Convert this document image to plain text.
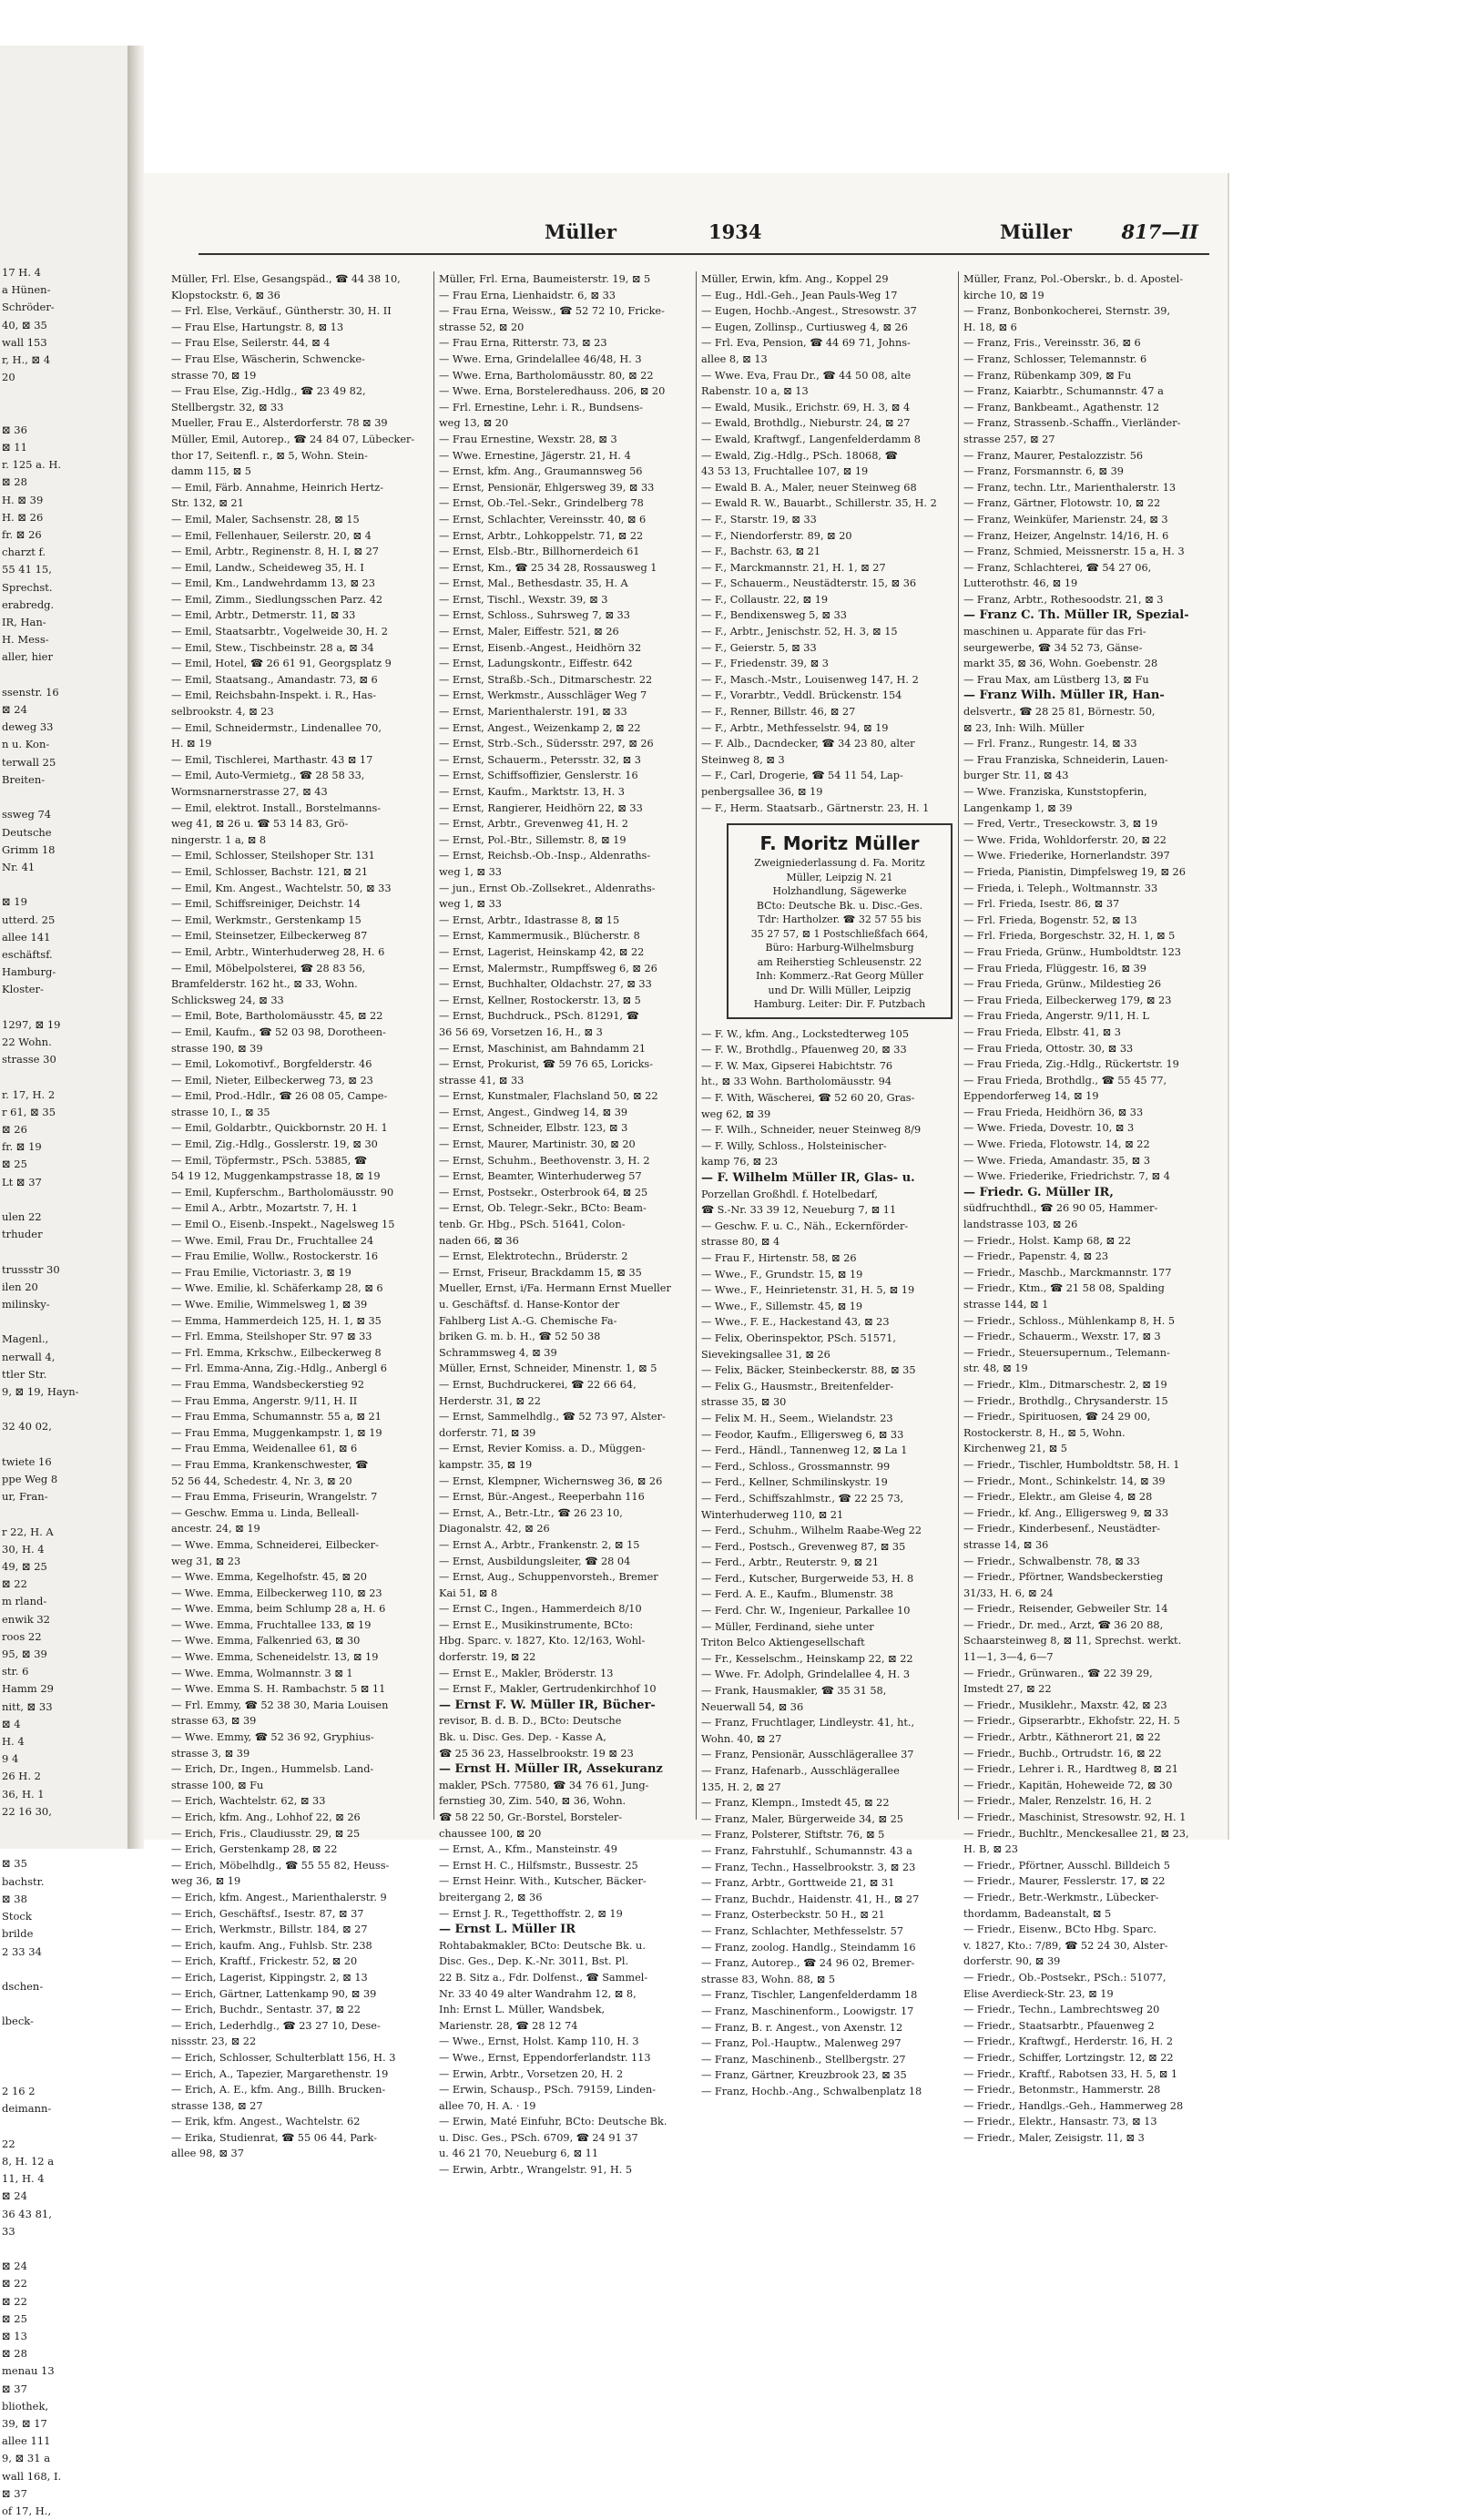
17 H. 4
a Hünen-
Schröder-
40, ⊠ 35
wall 153
r, H., ⊠ 4
20

⊠ 36
⊠ 11
r. 125 a. H.
⊠ 28
H. ⊠ 39
H. ⊠ 26
fr. ⊠ 26
charzt f.
55 41 15,
Sprechst.
erabredg.
IR, Han-
H. Mess-
aller, hier

ssenstr. 16
⊠ 24
deweg 33
n u. Kon-
terwall 25
Breiten-

ssweg 74
Deutsche
Grimm 18
Nr. 41

⊠ 19
utterd. 25
allee 141
eschäftsf.
Hamburg-
Kloster-

1297, ⊠ 19
22 Wohn.
strasse 30

r. 17, H. 2
r 61, ⊠ 35
⊠ 26
fr. ⊠ 19
⊠ 25
Lt ⊠ 37

ulen 22
trhuder

trussstr 30
ilen 20
milinsky-

Magenl.,
nerwall 4,
ttler Str.
9, ⊠ 19, Hayn-

32 40 02,

twiete 16
ppe Weg 8
ur, Fran-

r 22, H. A
30, H. 4
49, ⊠ 25
⊠ 22
m rland-
enwik 32
roos 22
95, ⊠ 39
str. 6
Hamm 29
nitt, ⊠ 33
⊠ 4
H. 4
9 4
26 H. 2
36, H. 1
22 16 30,

⊠ 35
bachstr.
⊠ 38
Stock
brilde
2 33 34

dschen-

lbeck-

2 16 2
deimann-

22
8, H. 12 a
11, H. 4
⊠ 24
36 43 81,
33

⊠ 24
⊠ 22
⊠ 22
⊠ 25
⊠ 13
⊠ 28
menau 13
⊠ 37
bliothek,
39, ⊠ 17
allee 111
9, ⊠ 31 a
wall 168, I.
⊠ 37
of 17, H.,
Müller	1934	Müller	817—II
Müller, Frl. Else, Gesangspäd., ☎ 44 38 10,
Klopstockstr. 6, ⊠ 36
— Frl. Else, Verkäuf., Güntherstr. 30, H. II
— Frau Else, Hartungstr. 8, ⊠ 13
— Frau Else, Seilerstr. 44, ⊠ 4
— Frau Else, Wäscherin, Schwencke-
strasse 70, ⊠ 19
— Frau Else, Zig.-Hdlg., ☎ 23 49 82,
Stellbergstr. 32, ⊠ 33
Mueller, Frau E., Alsterdorferstr. 78 ⊠ 39
Müller, Emil, Autorep., ☎ 24 84 07, Lübecker-
thor 17, Seitenfl. r., ⊠ 5, Wohn. Stein-
damm 115, ⊠ 5
— Emil, Färb. Annahme, Heinrich Hertz-
Str. 132, ⊠ 21
— Emil, Maler, Sachsenstr. 28, ⊠ 15
— Emil, Fellenhauer, Seilerstr. 20, ⊠ 4
— Emil, Arbtr., Reginenstr. 8, H. I, ⊠ 27
— Emil, Landw., Scheideweg 35, H. I
— Emil, Km., Landwehrdamm 13, ⊠ 23
— Emil, Zimm., Siedlungsschen Parz. 42
— Emil, Arbtr., Detmerstr. 11, ⊠ 33
— Emil, Staatsarbtr., Vogelweide 30, H. 2
— Emil, Stew., Tischbeinstr. 28 a, ⊠ 34
— Emil, Hotel, ☎ 26 61 91, Georgsplatz 9
— Emil, Staatsang., Amandastr. 73, ⊠ 6
— Emil, Reichsbahn-Inspekt. i. R., Has-
selbrookstr. 4, ⊠ 23
— Emil, Schneidermstr., Lindenallee 70,
H. ⊠ 19
— Emil, Tischlerei, Marthastr. 43 ⊠ 17
— Emil, Auto-Vermietg., ☎ 28 58 33,
Wormsnarnerstrasse 27, ⊠ 43
— Emil, elektrot. Install., Borstelmanns-
weg 41, ⊠ 26 u. ☎ 53 14 83, Grö-
ningerstr. 1 a, ⊠ 8
— Emil, Schlosser, Steilshoper Str. 131
— Emil, Schlosser, Bachstr. 121, ⊠ 21
— Emil, Km. Angest., Wachtelstr. 50, ⊠ 33
— Emil, Schiffsreiniger, Deichstr. 14
— Emil, Werkmstr., Gerstenkamp 15
— Emil, Steinsetzer, Eilbeckerweg 87
— Emil, Arbtr., Winterhuderweg 28, H. 6
— Emil, Möbelpolsterei, ☎ 28 83 56,
Bramfelderstr. 162 ht., ⊠ 33, Wohn.
Schlicksweg 24, ⊠ 33
— Emil, Bote, Bartholomäusstr. 45, ⊠ 22
— Emil, Kaufm., ☎ 52 03 98, Dorotheen-
strasse 190, ⊠ 39
— Emil, Lokomotivf., Borgfelderstr. 46
— Emil, Nieter, Eilbeckerweg 73, ⊠ 23
— Emil, Prod.-Hdlr., ☎ 26 08 05, Campe-
strasse 10, I., ⊠ 35
— Emil, Goldarbtr., Quickbornstr. 20 H. 1
— Emil, Zig.-Hdlg., Gosslerstr. 19, ⊠ 30
— Emil, Töpfermstr., PSch. 53885, ☎
54 19 12, Muggenkampstrasse 18, ⊠ 19
— Emil, Kupferschm., Bartholomäusstr. 90
— Emil A., Arbtr., Mozartstr. 7, H. 1
— Emil O., Eisenb.-Inspekt., Nagelsweg 15
— Wwe. Emil, Frau Dr., Fruchtallee 24
— Frau Emilie, Wollw., Rostockerstr. 16
— Frau Emilie, Victoriastr. 3, ⊠ 19
— Wwe. Emilie, kl. Schäferkamp 28, ⊠ 6
— Wwe. Emilie, Wimmelsweg 1, ⊠ 39
— Emma, Hammerdeich 125, H. 1, ⊠ 35
— Frl. Emma, Steilshoper Str. 97 ⊠ 33
— Frl. Emma, Krkschw., Eilbeckerweg 8
— Frl. Emma-Anna, Zig.-Hdlg., Anbergl 6
— Frau Emma, Wandsbeckerstieg 92
— Frau Emma, Angerstr. 9/11, H. II
— Frau Emma, Schumannstr. 55 a, ⊠ 21
— Frau Emma, Muggenkampstr. 1, ⊠ 19
— Frau Emma, Weidenallee 61, ⊠ 6
— Frau Emma, Krankenschwester, ☎
52 56 44, Schedestr. 4, Nr. 3, ⊠ 20
— Frau Emma, Friseurin, Wrangelstr. 7
— Geschw. Emma u. Linda, Belleall-
ancestr. 24, ⊠ 19
— Wwe. Emma, Schneiderei, Eilbecker-
weg 31, ⊠ 23
— Wwe. Emma, Kegelhofstr. 45, ⊠ 20
— Wwe. Emma, Eilbeckerweg 110, ⊠ 23
— Wwe. Emma, beim Schlump 28 a, H. 6
— Wwe. Emma, Fruchtallee 133, ⊠ 19
— Wwe. Emma, Falkenried 63, ⊠ 30
— Wwe. Emma, Scheneidelstr. 13, ⊠ 19
— Wwe. Emma, Wolmannstr. 3 ⊠ 1
— Wwe. Emma S. H. Rambachstr. 5 ⊠ 11
— Frl. Emmy, ☎ 52 38 30, Maria Louisen
strasse 63, ⊠ 39
— Wwe. Emmy, ☎ 52 36 92, Gryphius-
strasse 3, ⊠ 39
— Erich, Dr., Ingen., Hummelsb. Land-
strasse 100, ⊠ Fu
— Erich, Wachtelstr. 62, ⊠ 33
— Erich, kfm. Ang., Lohhof 22, ⊠ 26
— Erich, Fris., Claudiusstr. 29, ⊠ 25
— Erich, Gerstenkamp 28, ⊠ 22
— Erich, Möbelhdlg., ☎ 55 55 82, Heuss-
weg 36, ⊠ 19
— Erich, kfm. Angest., Marienthalerstr. 9
— Erich, Geschäftsf., Isestr. 87, ⊠ 37
— Erich, Werkmstr., Billstr. 184, ⊠ 27
— Erich, kaufm. Ang., Fuhlsb. Str. 238
— Erich, Kraftf., Frickestr. 52, ⊠ 20
— Erich, Lagerist, Kippingstr. 2, ⊠ 13
— Erich, Gärtner, Lattenkamp 90, ⊠ 39
— Erich, Buchdr., Sentastr. 37, ⊠ 22
— Erich, Lederhdlg., ☎ 23 27 10, Dese-
nissstr. 23, ⊠ 22
— Erich, Schlosser, Schulterblatt 156, H. 3
— Erich, A., Tapezier, Margarethenstr. 19
— Erich, A. E., kfm. Ang., Billh. Brucken-
strasse 138, ⊠ 27
— Erik, kfm. Angest., Wachtelstr. 62
— Erika, Studienrat, ☎ 55 06 44, Park-
allee 98, ⊠ 37
Müller, Frl. Erna, Baumeisterstr. 19, ⊠ 5
— Frau Erna, Lienhaidstr. 6, ⊠ 33
— Frau Erna, Weissw., ☎ 52 72 10, Fricke-
strasse 52, ⊠ 20
— Frau Erna, Ritterstr. 73, ⊠ 23
— Wwe. Erna, Grindelallee 46/48, H. 3
— Wwe. Erna, Bartholomäusstr. 80, ⊠ 22
— Wwe. Erna, Borsteleredhauss. 206, ⊠ 20
— Frl. Ernestine, Lehr. i. R., Bundsens-
weg 13, ⊠ 20
— Frau Ernestine, Wexstr. 28, ⊠ 3
— Wwe. Ernestine, Jägerstr. 21, H. 4
— Ernst, kfm. Ang., Graumannsweg 56
— Ernst, Pensionär, Ehlgersweg 39, ⊠ 33
— Ernst, Ob.-Tel.-Sekr., Grindelberg 78
— Ernst, Schlachter, Vereinsstr. 40, ⊠ 6
— Ernst, Arbtr., Lohkoppelstr. 71, ⊠ 22
— Ernst, Elsb.-Btr., Billhornerdeich 61
— Ernst, Km., ☎ 25 34 28, Rossausweg 1
— Ernst, Mal., Bethesdastr. 35, H. A
— Ernst, Tischl., Wexstr. 39, ⊠ 3
— Ernst, Schloss., Suhrsweg 7, ⊠ 33
— Ernst, Maler, Eiffestr. 521, ⊠ 26
— Ernst, Eisenb.-Angest., Heidhörn 32
— Ernst, Ladungskontr., Eiffestr. 642
— Ernst, Straßb.-Sch., Ditmarschestr. 22
— Ernst, Werkmstr., Ausschläger Weg 7
— Ernst, Marienthalerstr. 191, ⊠ 33
— Ernst, Angest., Weizenkamp 2, ⊠ 22
— Ernst, Strb.-Sch., Südersstr. 297, ⊠ 26
— Ernst, Schauerm., Petersstr. 32, ⊠ 3
— Ernst, Schiffsoffizier, Genslerstr. 16
— Ernst, Kaufm., Marktstr. 13, H. 3
— Ernst, Rangierer, Heidhörn 22, ⊠ 33
— Ernst, Arbtr., Grevenweg 41, H. 2
— Ernst, Pol.-Btr., Sillemstr. 8, ⊠ 19
— Ernst, Reichsb.-Ob.-Insp., Aldenraths-
weg 1, ⊠ 33
— jun., Ernst Ob.-Zollsekret., Aldenraths-
weg 1, ⊠ 33
— Ernst, Arbtr., Idastrasse 8, ⊠ 15
— Ernst, Kammermusik., Blücherstr. 8
— Ernst, Lagerist, Heinskamp 42, ⊠ 22
— Ernst, Malermstr., Rumpffsweg 6, ⊠ 26
— Ernst, Buchhalter, Oldachstr. 27, ⊠ 33
— Ernst, Kellner, Rostockerstr. 13, ⊠ 5
— Ernst, Buchdruck., PSch. 81291, ☎
36 56 69, Vorsetzen 16, H., ⊠ 3
— Ernst, Maschinist, am Bahndamm 21
— Ernst, Prokurist, ☎ 59 76 65, Loricks-
strasse 41, ⊠ 33
— Ernst, Kunstmaler, Flachsland 50, ⊠ 22
— Ernst, Angest., Gindweg 14, ⊠ 39
— Ernst, Schneider, Elbstr. 123, ⊠ 3
— Ernst, Maurer, Martinistr. 30, ⊠ 20
— Ernst, Schuhm., Beethovenstr. 3, H. 2
— Ernst, Beamter, Winterhuderweg 57
— Ernst, Postsekr., Osterbrook 64, ⊠ 25
— Ernst, Ob. Telegr.-Sekr., BCto: Beam-
tenb. Gr. Hbg., PSch. 51641, Colon-
naden 66, ⊠ 36
— Ernst, Elektrotechn., Brüderstr. 2
— Ernst, Friseur, Brackdamm 15, ⊠ 35
Mueller, Ernst, i/Fa. Hermann Ernst Mueller
u. Geschäftsf. d. Hanse-Kontor der
Fahlberg List A.-G. Chemische Fa-
briken G. m. b. H., ☎ 52 50 38
Schrammsweg 4, ⊠ 39
Müller, Ernst, Schneider, Minenstr. 1, ⊠ 5
— Ernst, Buchdruckerei, ☎ 22 66 64,
Herderstr. 31, ⊠ 22
— Ernst, Sammelhdlg., ☎ 52 73 97, Alster-
dorferstr. 71, ⊠ 39
— Ernst, Revier Komiss. a. D., Müggen-
kampstr. 35, ⊠ 19
— Ernst, Klempner, Wichernsweg 36, ⊠ 26
— Ernst, Bür.-Angest., Reeperbahn 116
— Ernst, A., Betr.-Ltr., ☎ 26 23 10,
Diagonalstr. 42, ⊠ 26
— Ernst A., Arbtr., Frankenstr. 2, ⊠ 15
— Ernst, Ausbildungsleiter, ☎ 28 04
— Ernst, Aug., Schuppenvorsteh., Bremer
Kai 51, ⊠ 8
— Ernst C., Ingen., Hammerdeich 8/10
— Ernst E., Musikinstrumente, BCto:
Hbg. Sparc. v. 1827, Kto. 12/163, Wohl-
dorferstr. 19, ⊠ 22
— Ernst E., Makler, Bröderstr. 13
— Ernst F., Makler, Gertrudenkirchhof 10
— Ernst F. W. Müller IR, Bücher-
revisor, B. d. B. D., BCto: Deutsche
Bk. u. Disc. Ges. Dep. - Kasse A,
☎ 25 36 23, Hasselbrookstr. 19 ⊠ 23
— Ernst H. Müller IR, Assekuranz
makler, PSch. 77580, ☎ 34 76 61, Jung-
fernstieg 30, Zim. 540, ⊠ 36, Wohn.
☎ 58 22 50, Gr.-Borstel, Borsteler-
chaussee 100, ⊠ 20
— Ernst, A., Kfm., Mansteinstr. 49
— Ernst H. C., Hilfsmstr., Bussestr. 25
— Ernst Heinr. With., Kutscher, Bäcker-
breitergang 2, ⊠ 36
— Ernst J. R., Tegetthoffstr. 2, ⊠ 19
— Ernst L. Müller IR
Rohtabakmakler, BCto: Deutsche Bk. u.
Disc. Ges., Dep. K.-Nr. 3011, Bst. Pl.
22 B. Sitz a., Fdr. Dolfenst., ☎ Sammel-
Nr. 33 40 49 alter Wandrahm 12, ⊠ 8,
Inh: Ernst L. Müller, Wandsbek,
Marienstr. 28, ☎ 28 12 74
— Wwe., Ernst, Holst. Kamp 110, H. 3
— Wwe., Ernst, Eppendorferlandstr. 113
— Erwin, Arbtr., Vorsetzen 20, H. 2
— Erwin, Schausp., PSch. 79159, Linden-
allee 70, H. A. · 19
— Erwin, Maté Einfuhr, BCto: Deutsche Bk.
u. Disc. Ges., PSch. 6709, ☎ 24 91 37
u. 46 21 70, Neueburg 6, ⊠ 11
— Erwin, Arbtr., Wrangelstr. 91, H. 5
Müller, Erwin, kfm. Ang., Koppel 29
— Eug., Hdl.-Geh., Jean Pauls-Weg 17
— Eugen, Hochb.-Angest., Stresowstr. 37
— Eugen, Zollinsp., Curtiusweg 4, ⊠ 26
— Frl. Eva, Pension, ☎ 44 69 71, Johns-
allee 8, ⊠ 13
— Wwe. Eva, Frau Dr., ☎ 44 50 08, alte
Rabenstr. 10 a, ⊠ 13
— Ewald, Musik., Erichstr. 69, H. 3, ⊠ 4
— Ewald, Brothdlg., Nieburstr. 24, ⊠ 27
— Ewald, Kraftwgf., Langenfelderdamm 8
— Ewald, Zig.-Hdlg., PSch. 18068, ☎
43 53 13, Fruchtallee 107, ⊠ 19
— Ewald B. A., Maler, neuer Steinweg 68
— Ewald R. W., Bauarbt., Schillerstr. 35, H. 2
— F., Starstr. 19, ⊠ 33
— F., Niendorferstr. 89, ⊠ 20
— F., Bachstr. 63, ⊠ 21
— F., Marckmannstr. 21, H. 1, ⊠ 27
— F., Schauerm., Neustädterstr. 15, ⊠ 36
— F., Collaustr. 22, ⊠ 19
— F., Bendixensweg 5, ⊠ 33
— F., Arbtr., Jenischstr. 52, H. 3, ⊠ 15
— F., Geierstr. 5, ⊠ 33
— F., Friedenstr. 39, ⊠ 3
— F., Masch.-Mstr., Louisenweg 147, H. 2
— F., Vorarbtr., Veddl. Brückenstr. 154
— F., Renner, Billstr. 46, ⊠ 27
— F., Arbtr., Methfesselstr. 94, ⊠ 19
— F. Alb., Dacndecker, ☎ 34 23 80, alter
Steinweg 8, ⊠ 3
— F., Carl, Drogerie, ☎ 54 11 54, Lap-
penbergsallee 36, ⊠ 19
— F., Herm. Staatsarb., Gärtnerstr. 23, H. 1
F. Moritz Müller
Zweigniederlassung d. Fa. Moritz
Müller, Leipzig N. 21
Holzhandlung, Sägewerke
BCto: Deutsche Bk. u. Disc.-Ges.
Tdr: Hartholzer. ☎ 32 57 55 bis
35 27 57, ⊠ 1 Postschließfach 664,
Büro: Harburg-Wilhelmsburg
am Reiherstieg Schleusenstr. 22
Inh: Kommerz.-Rat Georg Müller
und Dr. Willi Müller, Leipzig
Hamburg. Leiter: Dir. F. Putzbach
— F. W., kfm. Ang., Lockstedterweg 105
— F. W., Brothdlg., Pfauenweg 20, ⊠ 33
— F. W. Max, Gipserei Habichtstr. 76
ht., ⊠ 33 Wohn. Bartholomäusstr. 94
— F. With, Wäscherei, ☎ 52 60 20, Gras-
weg 62, ⊠ 39
— F. Wilh., Schneider, neuer Steinweg 8/9
— F. Willy, Schloss., Holsteinischer-
kamp 76, ⊠ 23
— F. Wilhelm Müller IR, Glas- u.
Porzellan Großhdl. f. Hotelbedarf,
☎ S.-Nr. 33 39 12, Neueburg 7, ⊠ 11
— Geschw. F. u. C., Näh., Eckernförder-
strasse 80, ⊠ 4
— Frau F., Hirtenstr. 58, ⊠ 26
— Wwe., F., Grundstr. 15, ⊠ 19
— Wwe., F., Heinrietenstr. 31, H. 5, ⊠ 19
— Wwe., F., Sillemstr. 45, ⊠ 19
— Wwe., F. E., Hackestand 43, ⊠ 23
— Felix, Oberinspektor, PSch. 51571,
Sievekingsallee 31, ⊠ 26
— Felix, Bäcker, Steinbeckerstr. 88, ⊠ 35
— Felix G., Hausmstr., Breitenfelder-
strasse 35, ⊠ 30
— Felix M. H., Seem., Wielandstr. 23
— Feodor, Kaufm., Elligersweg 6, ⊠ 33
— Ferd., Händl., Tannenweg 12, ⊠ La 1
— Ferd., Schloss., Grossmannstr. 99
— Ferd., Kellner, Schmilinskystr. 19
— Ferd., Schiffszahlmstr., ☎ 22 25 73,
Winterhuderweg 110, ⊠ 21
— Ferd., Schuhm., Wilhelm Raabe-Weg 22
— Ferd., Postsch., Grevenweg 87, ⊠ 35
— Ferd., Arbtr., Reuterstr. 9, ⊠ 21
— Ferd., Kutscher, Burgerweide 53, H. 8
— Ferd. A. E., Kaufm., Blumenstr. 38
— Ferd. Chr. W., Ingenieur, Parkallee 10
— Müller, Ferdinand, siehe unter
Triton Belco Aktiengesellschaft
— Fr., Kesselschm., Heinskamp 22, ⊠ 22
— Wwe. Fr. Adolph, Grindelallee 4, H. 3
— Frank, Hausmakler, ☎ 35 31 58,
Neuerwall 54, ⊠ 36
— Franz, Fruchtlager, Lindleystr. 41, ht.,
Wohn. 40, ⊠ 27
— Franz, Pensionär, Ausschlägerallee 37
— Franz, Hafenarb., Ausschlägerallee
135, H. 2, ⊠ 27
— Franz, Klempn., Imstedt 45, ⊠ 22
— Franz, Maler, Bürgerweide 34, ⊠ 25
— Franz, Polsterer, Stiftstr. 76, ⊠ 5
— Franz, Fahrstuhlf., Schumannstr. 43 a
— Franz, Techn., Hasselbrookstr. 3, ⊠ 23
— Franz, Arbtr., Gorttweide 21, ⊠ 31
— Franz, Buchdr., Haidenstr. 41, H., ⊠ 27
— Franz, Osterbeckstr. 50 H., ⊠ 21
— Franz, Schlachter, Methfesselstr. 57
— Franz, zoolog. Handlg., Steindamm 16
— Franz, Autorep., ☎ 24 96 02, Bremer-
strasse 83, Wohn. 88, ⊠ 5
— Franz, Tischler, Langenfelderdamm 18
— Franz, Maschinenform., Loowigstr. 17
— Franz, B. r. Angest., von Axenstr. 12
— Franz, Pol.-Hauptw., Malenweg 297
— Franz, Maschinenb., Stellbergstr. 27
— Franz, Gärtner, Kreuzbrook 23, ⊠ 35
— Franz, Hochb.-Ang., Schwalbenplatz 18
Müller, Franz, Pol.-Oberskr., b. d. Apostel-
kirche 10, ⊠ 19
— Franz, Bonbonkocherei, Sternstr. 39,
H. 18, ⊠ 6
— Franz, Fris., Vereinsstr. 36, ⊠ 6
— Franz, Schlosser, Telemannstr. 6
— Franz, Rübenkamp 309, ⊠ Fu
— Franz, Kaiarbtr., Schumannstr. 47 a
— Franz, Bankbeamt., Agathenstr. 12
— Franz, Strassenb.-Schaffn., Vierländer-
strasse 257, ⊠ 27
— Franz, Maurer, Pestalozzistr. 56
— Franz, Forsmannstr. 6, ⊠ 39
— Franz, techn. Ltr., Marienthalerstr. 13
— Franz, Gärtner, Flotowstr. 10, ⊠ 22
— Franz, Weinküfer, Marienstr. 24, ⊠ 3
— Franz, Heizer, Angelnstr. 14/16, H. 6
— Franz, Schmied, Meissnerstr. 15 a, H. 3
— Franz, Schlachterei, ☎ 54 27 06,
Lutterothstr. 46, ⊠ 19
— Franz, Arbtr., Rothesoodstr. 21, ⊠ 3
— Franz C. Th. Müller IR, Spezial-
maschinen u. Apparate für das Fri-
seurgewerbe, ☎ 34 52 73, Gänse-
markt 35, ⊠ 36, Wohn. Goebenstr. 28
— Frau Max, am Lüstberg 13, ⊠ Fu
— Franz Wilh. Müller IR, Han-
delsvertr., ☎ 28 25 81, Börnestr. 50,
⊠ 23, Inh: Wilh. Müller
— Frl. Franz., Rungestr. 14, ⊠ 33
— Frau Franziska, Schneiderin, Lauen-
burger Str. 11, ⊠ 43
— Wwe. Franziska, Kunststopferin,
Langenkamp 1, ⊠ 39
— Fred, Vertr., Treseckowstr. 3, ⊠ 19
— Wwe. Frida, Wohldorferstr. 20, ⊠ 22
— Wwe. Friederike, Hornerlandstr. 397
— Frieda, Pianistin, Dimpfelsweg 19, ⊠ 26
— Frieda, i. Teleph., Woltmannstr. 33
— Frl. Frieda, Isestr. 86, ⊠ 37
— Frl. Frieda, Bogenstr. 52, ⊠ 13
— Frl. Frieda, Borgeschstr. 32, H. 1, ⊠ 5
— Frau Frieda, Grünw., Humboldtstr. 123
— Frau Frieda, Flüggestr. 16, ⊠ 39
— Frau Frieda, Grünw., Mildestieg 26
— Frau Frieda, Eilbeckerweg 179, ⊠ 23
— Frau Frieda, Angerstr. 9/11, H. L
— Frau Frieda, Elbstr. 41, ⊠ 3
— Frau Frieda, Ottostr. 30, ⊠ 33
— Frau Frieda, Zig.-Hdlg., Rückertstr. 19
— Frau Frieda, Brothdlg., ☎ 55 45 77,
Eppendorferweg 14, ⊠ 19
— Frau Frieda, Heidhörn 36, ⊠ 33
— Wwe. Frieda, Dovestr. 10, ⊠ 3
— Wwe. Frieda, Flotowstr. 14, ⊠ 22
— Wwe. Frieda, Amandastr. 35, ⊠ 3
— Wwe. Friederike, Friedrichstr. 7, ⊠ 4
— Friedr. G. Müller IR,
südfruchthdl., ☎ 26 90 05, Hammer-
landstrasse 103, ⊠ 26
— Friedr., Holst. Kamp 68, ⊠ 22
— Friedr., Papenstr. 4, ⊠ 23
— Friedr., Maschb., Marckmannstr. 177
— Friedr., Ktm., ☎ 21 58 08, Spalding
strasse 144, ⊠ 1
— Friedr., Schloss., Mühlenkamp 8, H. 5
— Friedr., Schauerm., Wexstr. 17, ⊠ 3
— Friedr., Steuersupernum., Telemann-
str. 48, ⊠ 19
— Friedr., Klm., Ditmarschestr. 2, ⊠ 19
— Friedr., Brothdlg., Chrysanderstr. 15
— Friedr., Spirituosen, ☎ 24 29 00,
Rostockerstr. 8, H., ⊠ 5, Wohn.
Kirchenweg 21, ⊠ 5
— Friedr., Tischler, Humboldtstr. 58, H. 1
— Friedr., Mont., Schinkelstr. 14, ⊠ 39
— Friedr., Elektr., am Gleise 4, ⊠ 28
— Friedr., kf. Ang., Elligersweg 9, ⊠ 33
— Friedr., Kinderbesenf., Neustädter-
strasse 14, ⊠ 36
— Friedr., Schwalbenstr. 78, ⊠ 33
— Friedr., Pförtner, Wandsbeckerstieg
31/33, H. 6, ⊠ 24
— Friedr., Reisender, Gebweiler Str. 14
— Friedr., Dr. med., Arzt, ☎ 36 20 88,
Schaarsteinweg 8, ⊠ 11, Sprechst. werkt.
11—1, 3—4, 6—7
— Friedr., Grünwaren., ☎ 22 39 29,
Imstedt 27, ⊠ 22
— Friedr., Musiklehr., Maxstr. 42, ⊠ 23
— Friedr., Gipserarbtr., Ekhofstr. 22, H. 5
— Friedr., Arbtr., Käthnerort 21, ⊠ 22
— Friedr., Buchb., Ortrudstr. 16, ⊠ 22
— Friedr., Lehrer i. R., Hardtweg 8, ⊠ 21
— Friedr., Kapitän, Hoheweide 72, ⊠ 30
— Friedr., Maler, Renzelstr. 16, H. 2
— Friedr., Maschinist, Stresowstr. 92, H. 1
— Friedr., Buchltr., Menckesallee 21, ⊠ 23,
H. B, ⊠ 23
— Friedr., Pförtner, Ausschl. Billdeich 5
— Friedr., Maurer, Fesslerstr. 17, ⊠ 22
— Friedr., Betr.-Werkmstr., Lübecker-
thordamm, Badeanstalt, ⊠ 5
— Friedr., Eisenw., BCto Hbg. Sparc.
v. 1827, Kto.: 7/89, ☎ 52 24 30, Alster-
dorferstr. 90, ⊠ 39
— Friedr., Ob.-Postsekr., PSch.: 51077,
Elise Averdieck-Str. 23, ⊠ 19
— Friedr., Techn., Lambrechtsweg 20
— Friedr., Staatsarbtr., Pfauenweg 2
— Friedr., Kraftwgf., Herderstr. 16, H. 2
— Friedr., Schiffer, Lortzingstr. 12, ⊠ 22
— Friedr., Kraftf., Rabotsen 33, H. 5, ⊠ 1
— Friedr., Betonmstr., Hammerstr. 28
— Friedr., Handlgs.-Geh., Hammerweg 28
— Friedr., Elektr., Hansastr. 73, ⊠ 13
— Friedr., Maler, Zeisigstr. 11, ⊠ 3
